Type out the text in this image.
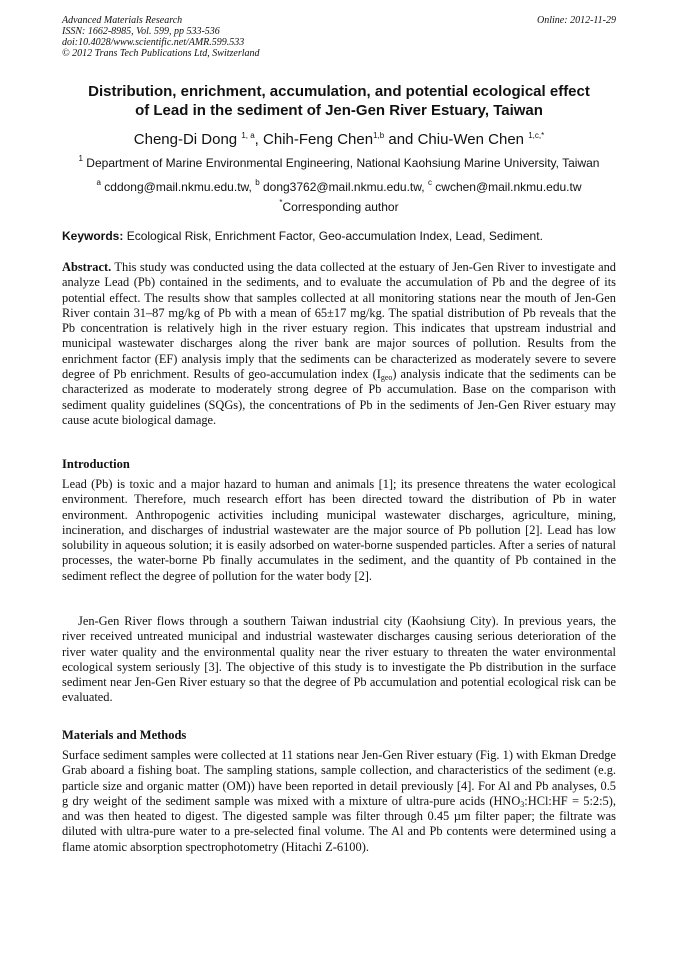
Advanced Materials Research
ISSN: 1662-8985, Vol. 599, pp 533-536
doi:10.4028/www.scientific.net/AMR.599.533
© 2012 Trans Tech Publications Ltd, Switzerland
Online: 2012-11-29
Distribution, enrichment, accumulation, and potential ecological effect
of Lead in the sediment of Jen-Gen River Estuary, Taiwan
Cheng-Di Dong $^{1, a}$, Chih-Feng Chen$^{1,b}$ and Chiu-Wen Chen $^{1,c,*}$
$^1$ Department of Marine Environmental Engineering, National Kaohsiung Marine University, Taiwan
$^a$ cddong@mail.nkmu.edu.tw, $^b$ dong3762@mail.nkmu.edu.tw, $^c$ cwchen@mail.nkmu.edu.tw
*Corresponding author
Keywords: Ecological Risk, Enrichment Factor, Geo-accumulation Index, Lead, Sediment.

Abstract. This study was conducted using the data collected at the estuary of Jen-Gen River to investigate and analyze Lead (Pb) contained in the sediments, and to evaluate the accumulation of Pb and the degree of its potential effect. The results show that samples collected at all monitoring stations near the mouth of Jen-Gen River contain 31–87 mg/kg of Pb with a mean of 65±17 mg/kg. The spatial distribution of Pb reveals that the Pb concentration is relatively high in the river estuary region. This indicates that upstream industrial and municipal wastewater discharges along the river bank are major sources of pollution. Results from the enrichment factor (EF) analysis imply that the sediments can be characterized as moderately severe to severe degree of Pb enrichment. Results of geo-accumulation index (Igeo) analysis indicate that the sediments can be characterized as moderate to moderately strong degree of Pb accumulation. Base on the comparison with sediment quality guidelines (SQGs), the concentrations of Pb in the sediments of Jen-Gen River estuary may cause acute biological damage.

Introduction

Lead (Pb) is toxic and a major hazard to human and animals [1]; its presence threatens the water ecological environment. Therefore, much research effort has been directed toward the distribution of Pb in water environment. Anthropogenic activities including municipal wastewater discharges, agriculture, mining, incineration, and discharges of industrial wastewater are the major source of Pb pollution [2]. Lead has low solubility in aqueous solution; it is easily adsorbed on water-borne suspended particles. After a series of natural processes, the water-borne Pb finally accumulates in the sediment, and the quantity of Pb contained in the sediment reflect the degree of pollution for the water body [2].

Jen-Gen River flows through a southern Taiwan industrial city (Kaohsiung City). In previous years, the river received untreated municipal and industrial wastewater discharges causing serious deterioration of the river water quality and the environmental quality near the river estuary to threaten the water environmental ecological system seriously [3]. The objective of this study is to investigate the Pb distribution in the surface sediment near Jen-Gen River estuary so that the degree of Pb accumulation and potential ecological risk can be evaluated.

Materials and Methods

Surface sediment samples were collected at 11 stations near Jen-Gen River estuary (Fig. 1) with Ekman Dredge Grab aboard a fishing boat. The sampling stations, sample collection, and characteristics of the sediment (e.g. particle size and organic matter (OM)) have been reported in detail previously [4]. For Al and Pb analyses, 0.5 g dry weight of the sediment sample was mixed with a mixture of ultra-pure acids (HNO3:HCl:HF = 5:2:5), and was then heated to digest. The digested sample was filter through 0.45 µm filter paper; the filtrate was diluted with ultra-pure water to a pre-selected final volume. The Al and Pb contents were determined using a flame atomic absorption spectrophotometry (Hitachi Z-6100).
